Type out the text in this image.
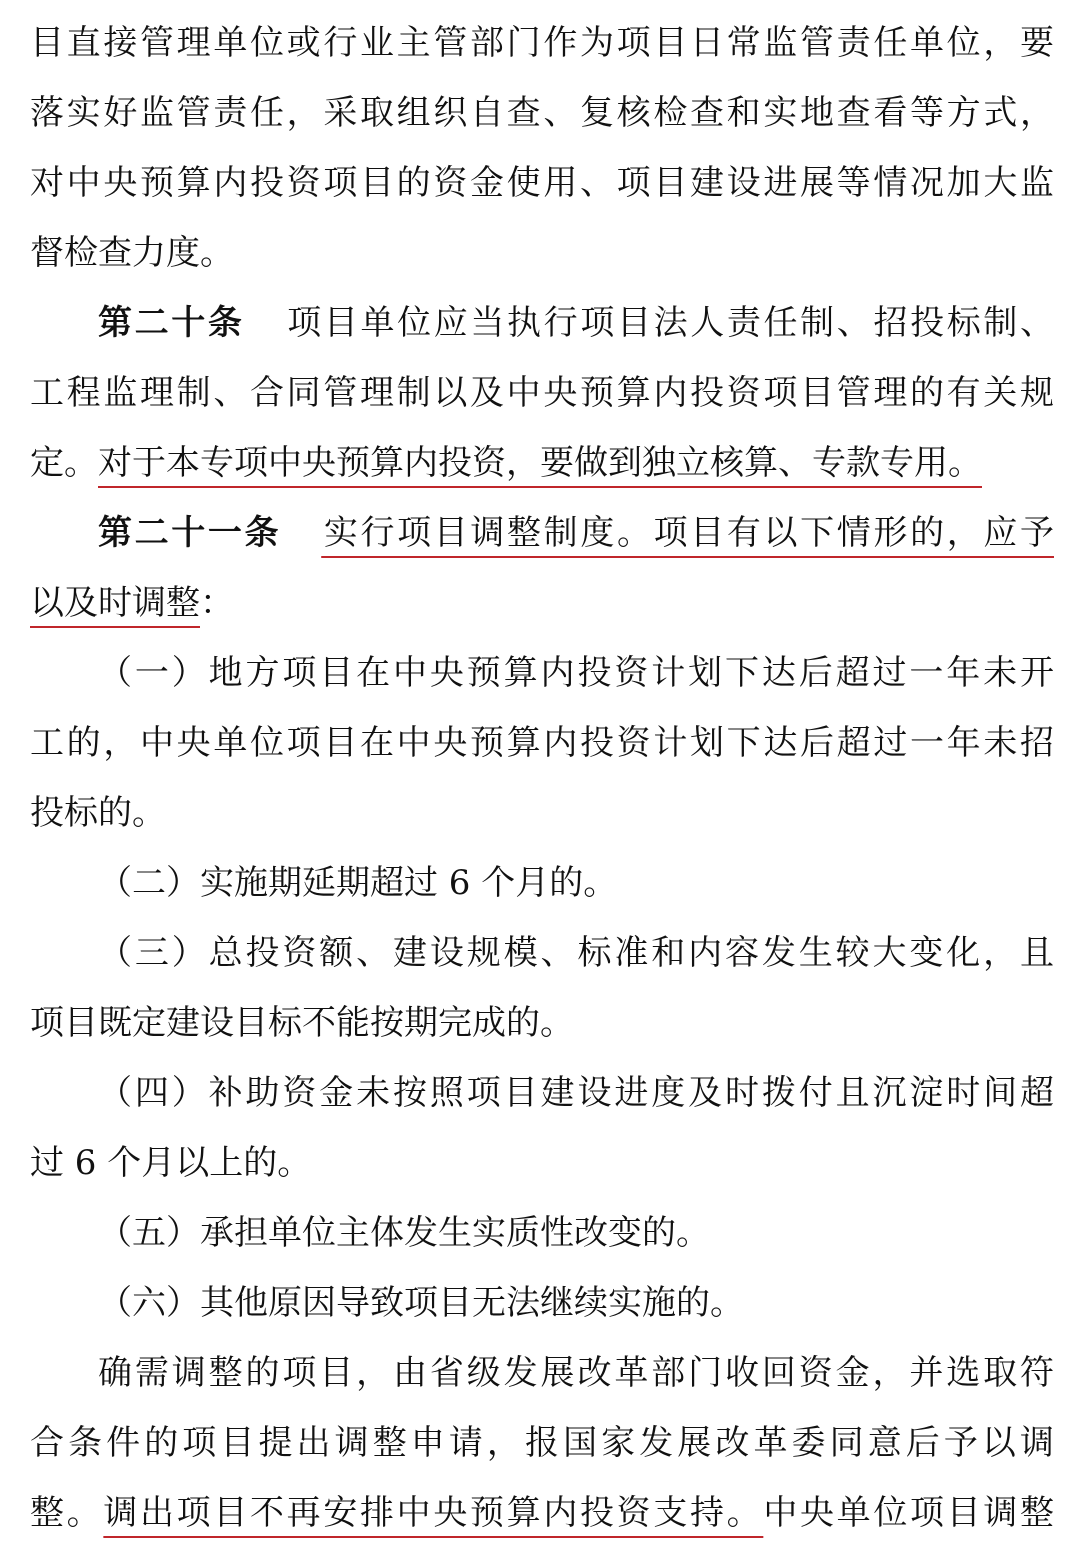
目直接管理单位或行业主管部门作为项目日常监管责任单位，要
落实好监管责任，采取组织自查、复核检查和实地查看等方式，
对中央预算内投资项目的资金使用、项目建设进展等情况加大监
督检查力度。
第二十条 项目单位应当执行项目法人责任制、招投标制、
工程监理制、合同管理制以及中央预算内投资项目管理的有关规
定。对于本专项中央预算内投资，要做到独立核算、专款专用。
第二十一条 实行项目调整制度。项目有以下情形的，应予
以及时调整：
（一）地方项目在中央预算内投资计划下达后超过一年未开
工的，中央单位项目在中央预算内投资计划下达后超过一年未招
投标的。
（二）实施期延期超过 6 个月的。
（三）总投资额、建设规模、标准和内容发生较大变化，且
项目既定建设目标不能按期完成的。
（四）补助资金未按照项目建设进度及时拨付且沉淀时间超
过 6 个月以上的。
（五）承担单位主体发生实质性改变的。
（六）其他原因导致项目无法继续实施的。
确需调整的项目，由省级发展改革部门收回资金，并选取符
合条件的项目提出调整申请，报国家发展改革委同意后予以调
整。调出项目不再安排中央预算内投资支持。中央单位项目调整
